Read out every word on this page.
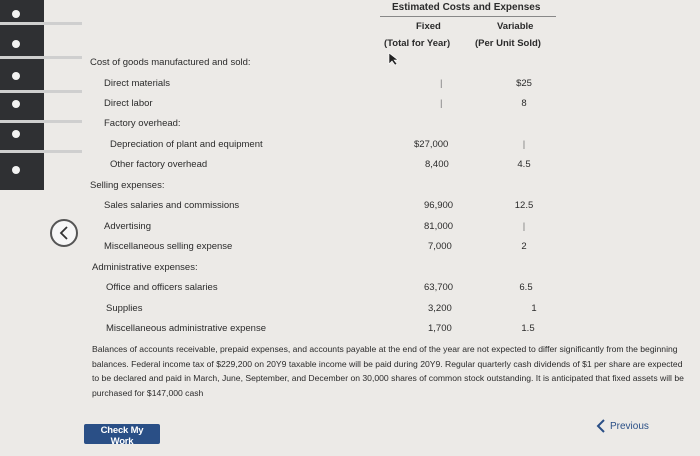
Estimated Costs and Expenses
Fixed
(Total for Year)
Variable
(Per Unit Sold)
Cost of goods manufactured and sold:
Direct materials	|	$25
Direct labor	|	8
Factory overhead:
Depreciation of plant and equipment	$27,000	|
Other factory overhead	8,400	4.5
Selling expenses:
Sales salaries and commissions	96,900	12.5
Advertising	81,000	|
Miscellaneous selling expense	7,000	2
Administrative expenses:
Office and officers salaries	63,700	6.5
Supplies	3,200	1
Miscellaneous administrative expense	1,700	1.5
Balances of accounts receivable, prepaid expenses, and accounts payable at the end of the year are not expected to differ significantly from the beginning balances. Federal income tax of $229,200 on 20Y9 taxable income will be paid during 20Y9. Regular quarterly cash dividends of $1 per share are expected to be declared and paid in March, June, September, and December on 30,000 shares of common stock outstanding. It is anticipated that fixed assets will be purchased for $147,000 cash
Check My Work
Previous
